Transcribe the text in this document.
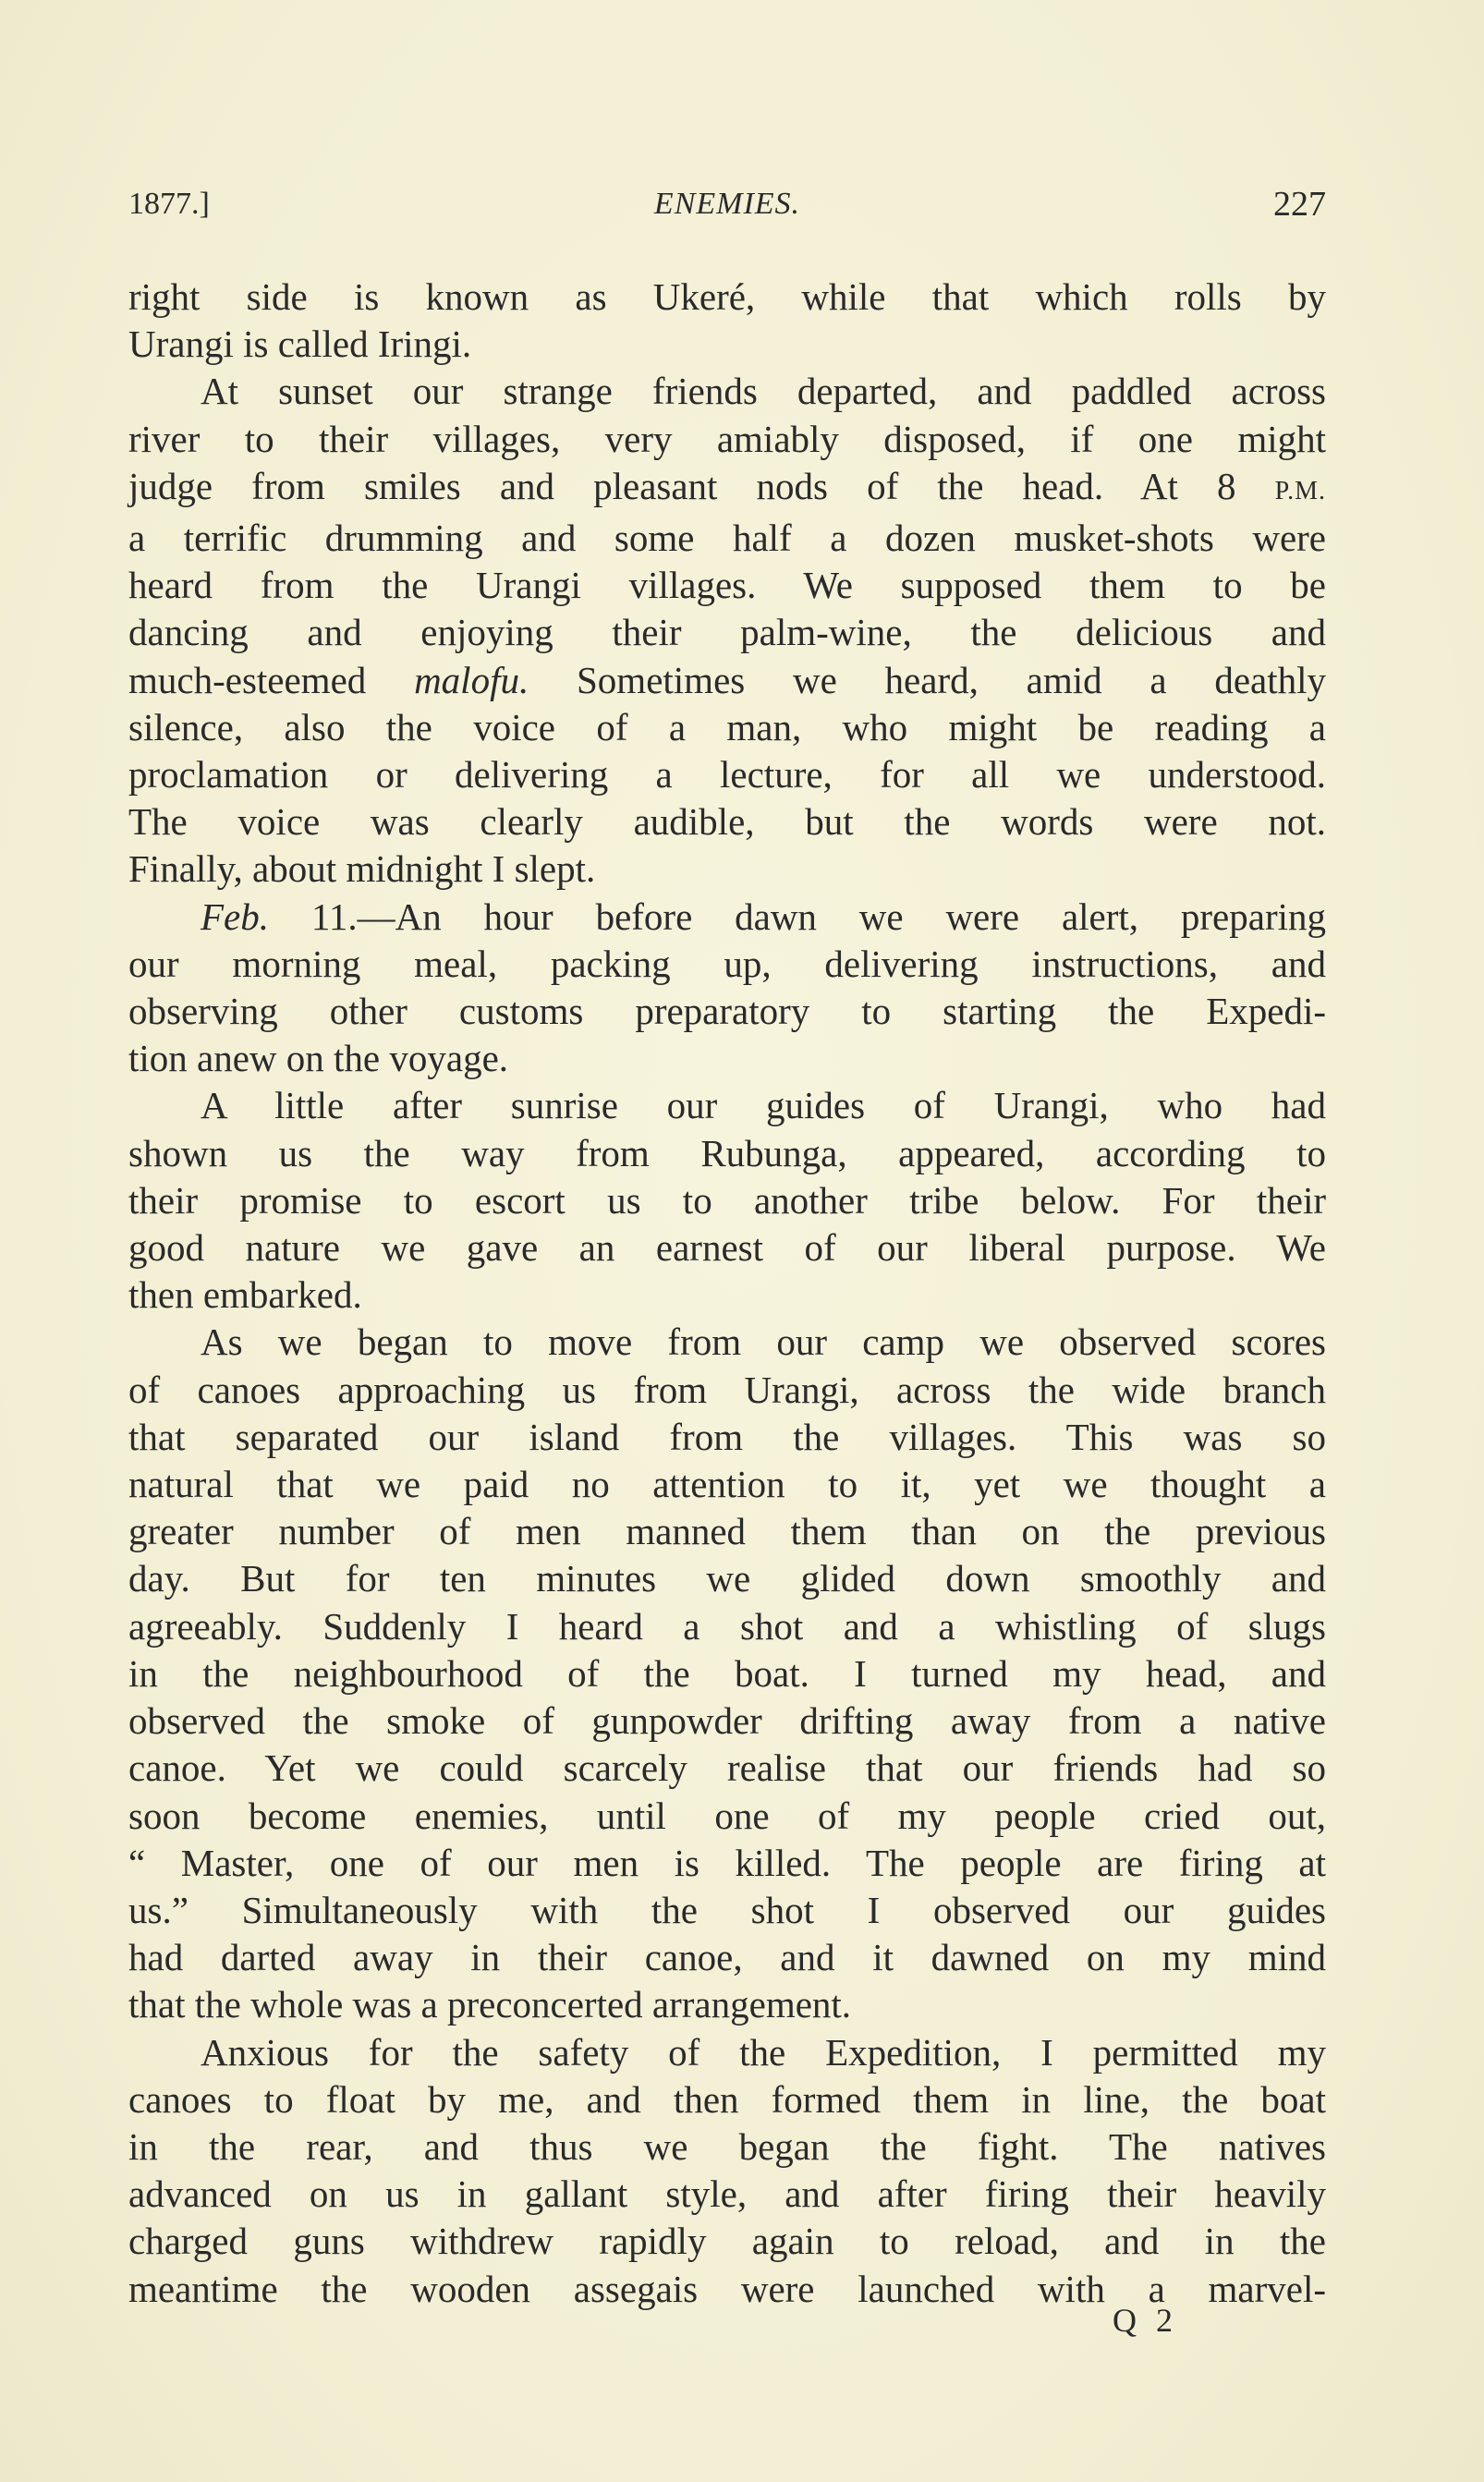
1877.]	ENEMIES.	227

right side is known as Ukeré, while that which rolls by

Urangi is called Iringi.

At sunset our strange friends departed, and paddled across

river to their villages, very amiably disposed, if one might

judge from smiles and pleasant nods of the head. At 8 P.M.

a terrific drumming and some half a dozen musket-shots were

heard from the Urangi villages. We supposed them to be

dancing and enjoying their palm-wine, the delicious and

much-esteemed malofu. Sometimes we heard, amid a deathly

silence, also the voice of a man, who might be reading a

proclamation or delivering a lecture, for all we understood.

The voice was clearly audible, but the words were not.

Finally, about midnight I slept.

Feb. 11.—An hour before dawn we were alert, preparing

our morning meal, packing up, delivering instructions, and

observing other customs preparatory to starting the Expedi-

tion anew on the voyage.

A little after sunrise our guides of Urangi, who had

shown us the way from Rubunga, appeared, according to

their promise to escort us to another tribe below. For their

good nature we gave an earnest of our liberal purpose. We

then embarked.

As we began to move from our camp we observed scores

of canoes approaching us from Urangi, across the wide branch

that separated our island from the villages. This was so

natural that we paid no attention to it, yet we thought a

greater number of men manned them than on the previous

day. But for ten minutes we glided down smoothly and

agreeably. Suddenly I heard a shot and a whistling of slugs

in the neighbourhood of the boat. I turned my head, and

observed the smoke of gunpowder drifting away from a native

canoe. Yet we could scarcely realise that our friends had so

soon become enemies, until one of my people cried out,

“ Master, one of our men is killed. The people are firing at

us.” Simultaneously with the shot I observed our guides

had darted away in their canoe, and it dawned on my mind

that the whole was a preconcerted arrangement.

Anxious for the safety of the Expedition, I permitted my

canoes to float by me, and then formed them in line, the boat

in the rear, and thus we began the fight. The natives

advanced on us in gallant style, and after firing their heavily

charged guns withdrew rapidly again to reload, and in the

meantime the wooden assegais were launched with a marvel-

Q 2
